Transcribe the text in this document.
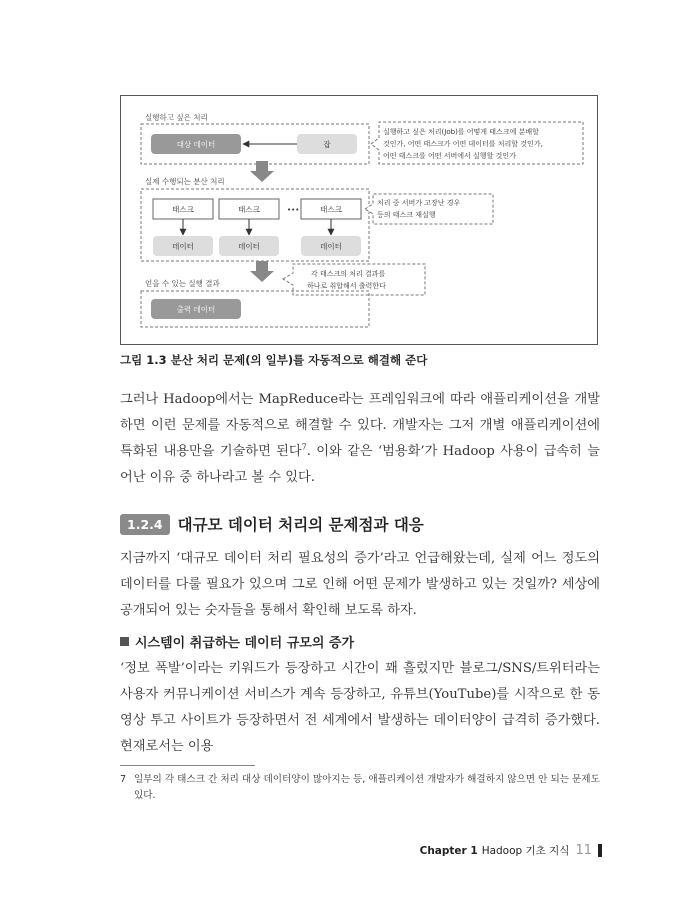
실행하고 싶은 처리
대상 데이터	잡
실행하고 싶은 처리(Job)를 어떻게 태스크에 분배할
것인가, 어떤 태스크가 어떤 데이터를 처리할 것인가,
어떤 태스크를 어떤 서버에서 실행할 것인가
실제 수행되는 분산 처리
태스크	태스크	•••	태스크
데이터	데이터	데이터
처리 중 서버가 고장난 경우
등의 태스크 재실행
각 태스크의 처리 결과를
하나로 취합해서 출력한다
얻을 수 있는 실행 결과
출력 데이터
그림 1.3 분산 처리 문제(의 일부)를 자동적으로 해결해 준다

그러나 Hadoop에서는 MapReduce라는 프레임워크에 따라 애플리케이션을 개발하면 이런 문제를 자동적으로 해결할 수 있다. 개발자는 그저 개별 애플리케이션에 특화된 내용만을 기술하면 된다$^7$. 이와 같은 ‘범용화’가 Hadoop 사용이 급속히 늘어난 이유 중 하나라고 볼 수 있다.

1.2.4 대규모 데이터 처리의 문제점과 대응

지금까지 ‘대규모 데이터 처리 필요성의 증가’라고 언급해왔는데, 실제 어느 정도의 데이터를 다룰 필요가 있으며 그로 인해 어떤 문제가 발생하고 있는 것일까? 세상에 공개되어 있는 숫자들을 통해서 확인해 보도록 하자.

시스템이 취급하는 데이터 규모의 증가

‘정보 폭발’이라는 키워드가 등장하고 시간이 꽤 흘렀지만 블로그/SNS/트위터라는 사용자 커뮤니케이션 서비스가 계속 등장하고, 유튜브(YouTube)를 시작으로 한 동영상 투고 사이트가 등장하면서 전 세계에서 발생하는 데이터양이 급격히 증가했다. 현재로서는 이용

7 일부의 각 태스크 간 처리 대상 데이터양이 많아지는 등, 애플리케이션 개발자가 해결하지 않으면 안 되는 문제도 있다.
Chapter 1 Hadoop 기초 지식 11
